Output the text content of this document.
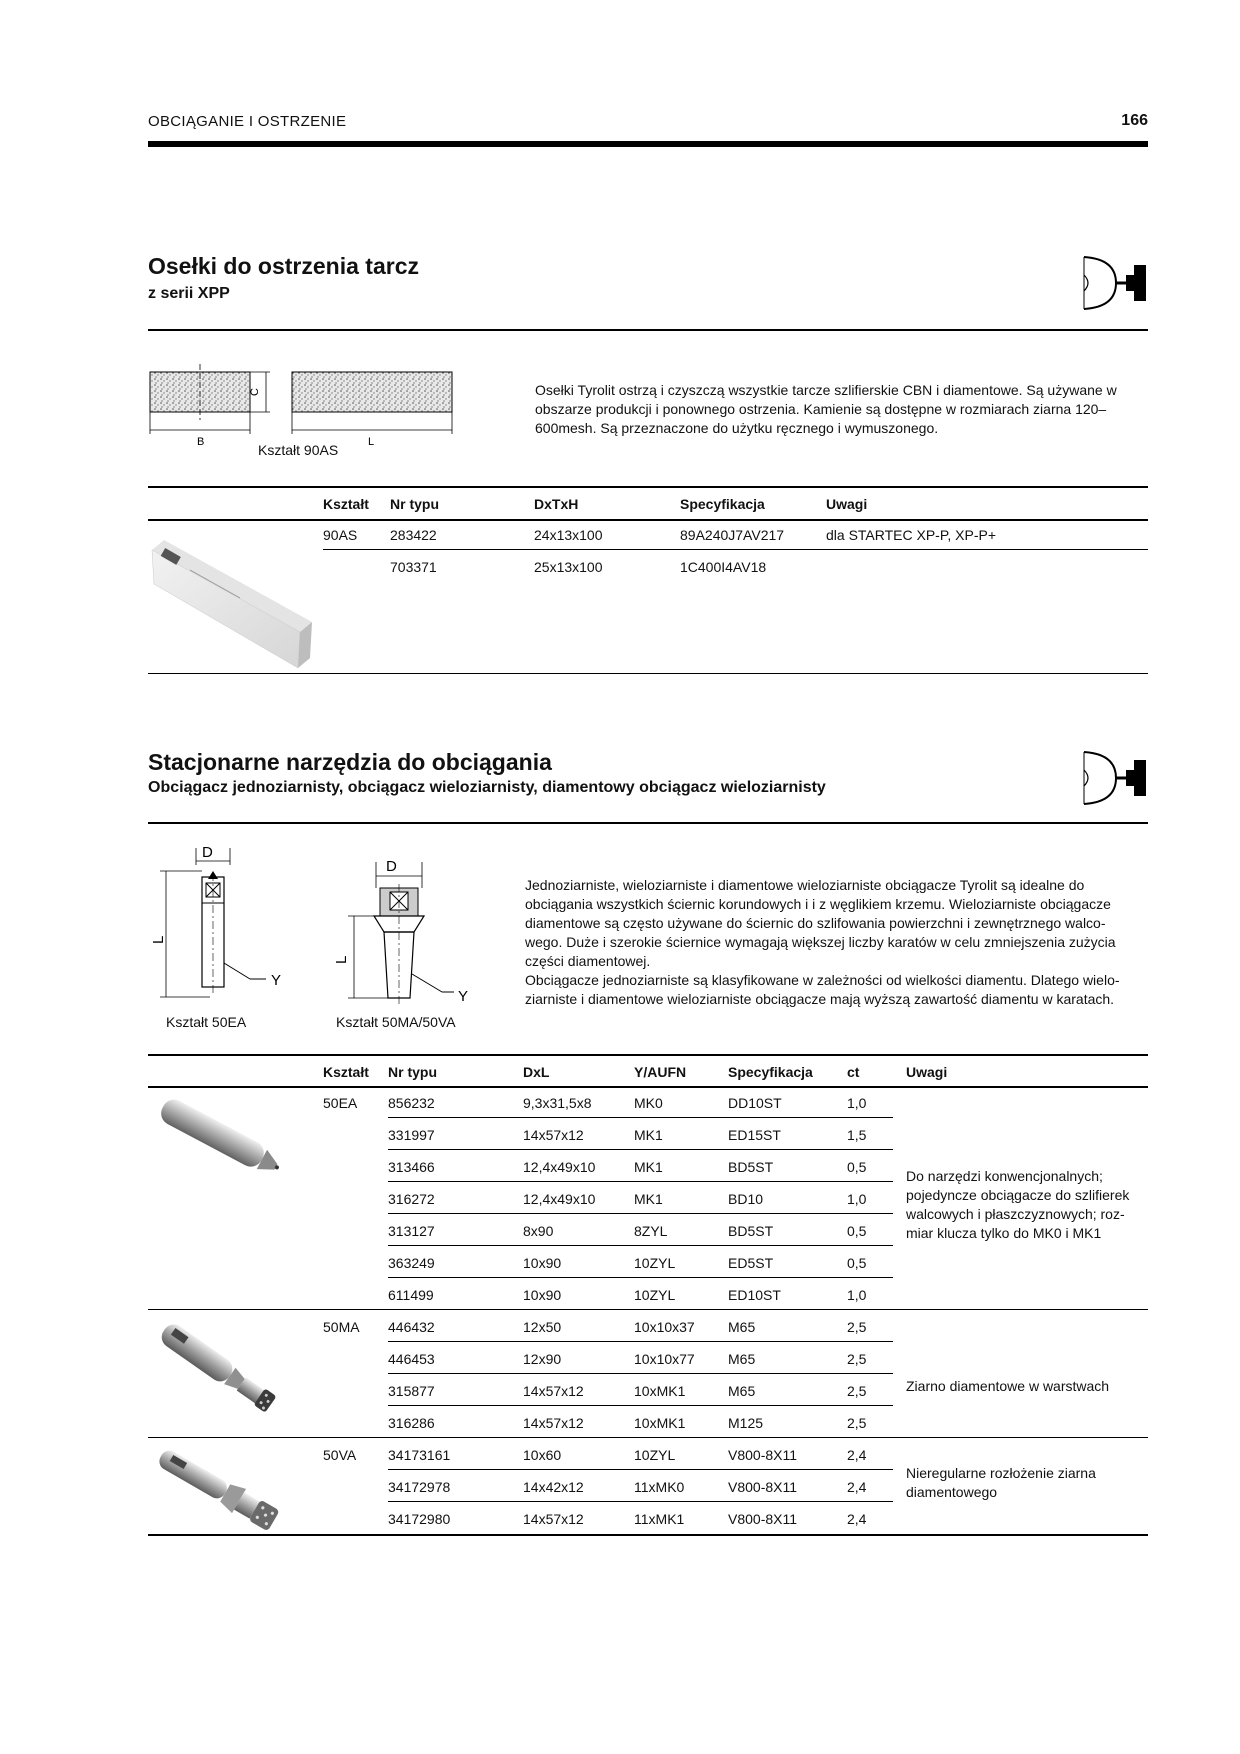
OBCIĄGANIE I OSTRZENIE	166
Osełki do ostrzenia tarcz
z serii XPP
B
C
L
Kształt 90AS
Osełki Tyrolit ostrzą i czyszczą wszystkie tarcze szlifierskie CBN i diamentowe. Są używane w obszarze produkcji i ponownego ostrzenia. Kamienie są dostępne w rozmiarach ziarna 120–600mesh. Są przeznaczone do użytku ręcznego i wymuszonego.
Kształt Nr typu	DxTxH	Specyfikacja	Uwagi
90AS 283422	24x13x100	89A240J7AV217	dla STARTEC XP-P, XP-P+
703371	25x13x100	1C400I4AV18
Stacjonarne narzędzia do obciągania
Obciągacz jednoziarnisty, obciągacz wieloziarnisty, diamentowy obciągacz wieloziarnisty
D
L
Y
Kształt 50EA
D
L
Y
Kształt 50MA/50VA
Jednoziarniste, wieloziarniste i diamentowe wieloziarniste obciągacze Tyrolit są idealne do
obciągania wszystkich ściernic korundowych i i z węglikiem krzemu. Wieloziarniste obciągacze
diamentowe są często używane do ściernic do szlifowania powierzchni i zewnętrznego walco-
wego. Duże i szerokie ściernice wymagają większej liczby karatów w celu zmniejszenia zużycia
części diamentowej.
Obciągacze jednoziarniste są klasyfikowane w zależności od wielkości diamentu. Dlatego wielo-
ziarniste i diamentowe wieloziarniste obciągacze mają wyższą zawartość diamentu w karatach.
Kształt Nr typu	DxL	Y/AUFN	Specyfikacja ct	Uwagi
50EA 856232	9,3x31,5x8	MK0	DD10ST	1,0
331997	14x57x12	MK1	ED15ST	1,5
313466	12,4x49x10	MK1	BD5ST	0,5
316272	12,4x49x10	MK1	BD10	1,0
313127	8x90	8ZYL	BD5ST	0,5
363249	10x90	10ZYL	ED5ST	0,5
611499	10x90	10ZYL	ED10ST	1,0
Do narzędzi konwencjonalnych; pojedyncze obciągacze do szlifierek walcowych i płaszczyznowych; roz- miar klucza tylko do MK0 i MK1
50MA 446432	12x50	10x10x37 M65	2,5
446453	12x90	10x10x77 M65	2,5
315877	14x57x12	10xMK1	M65	2,5
316286	14x57x12	10xMK1	M125	2,5
Ziarno diamentowe w warstwach
50VA 34173161	10x60	10ZYL	V800-8X11	2,4
34172978	14x42x12	11xMK0	V800-8X11	2,4
34172980	14x57x12	11xMK1	V800-8X11	2,4
Nieregularne rozłożenie ziarna diamentowego
